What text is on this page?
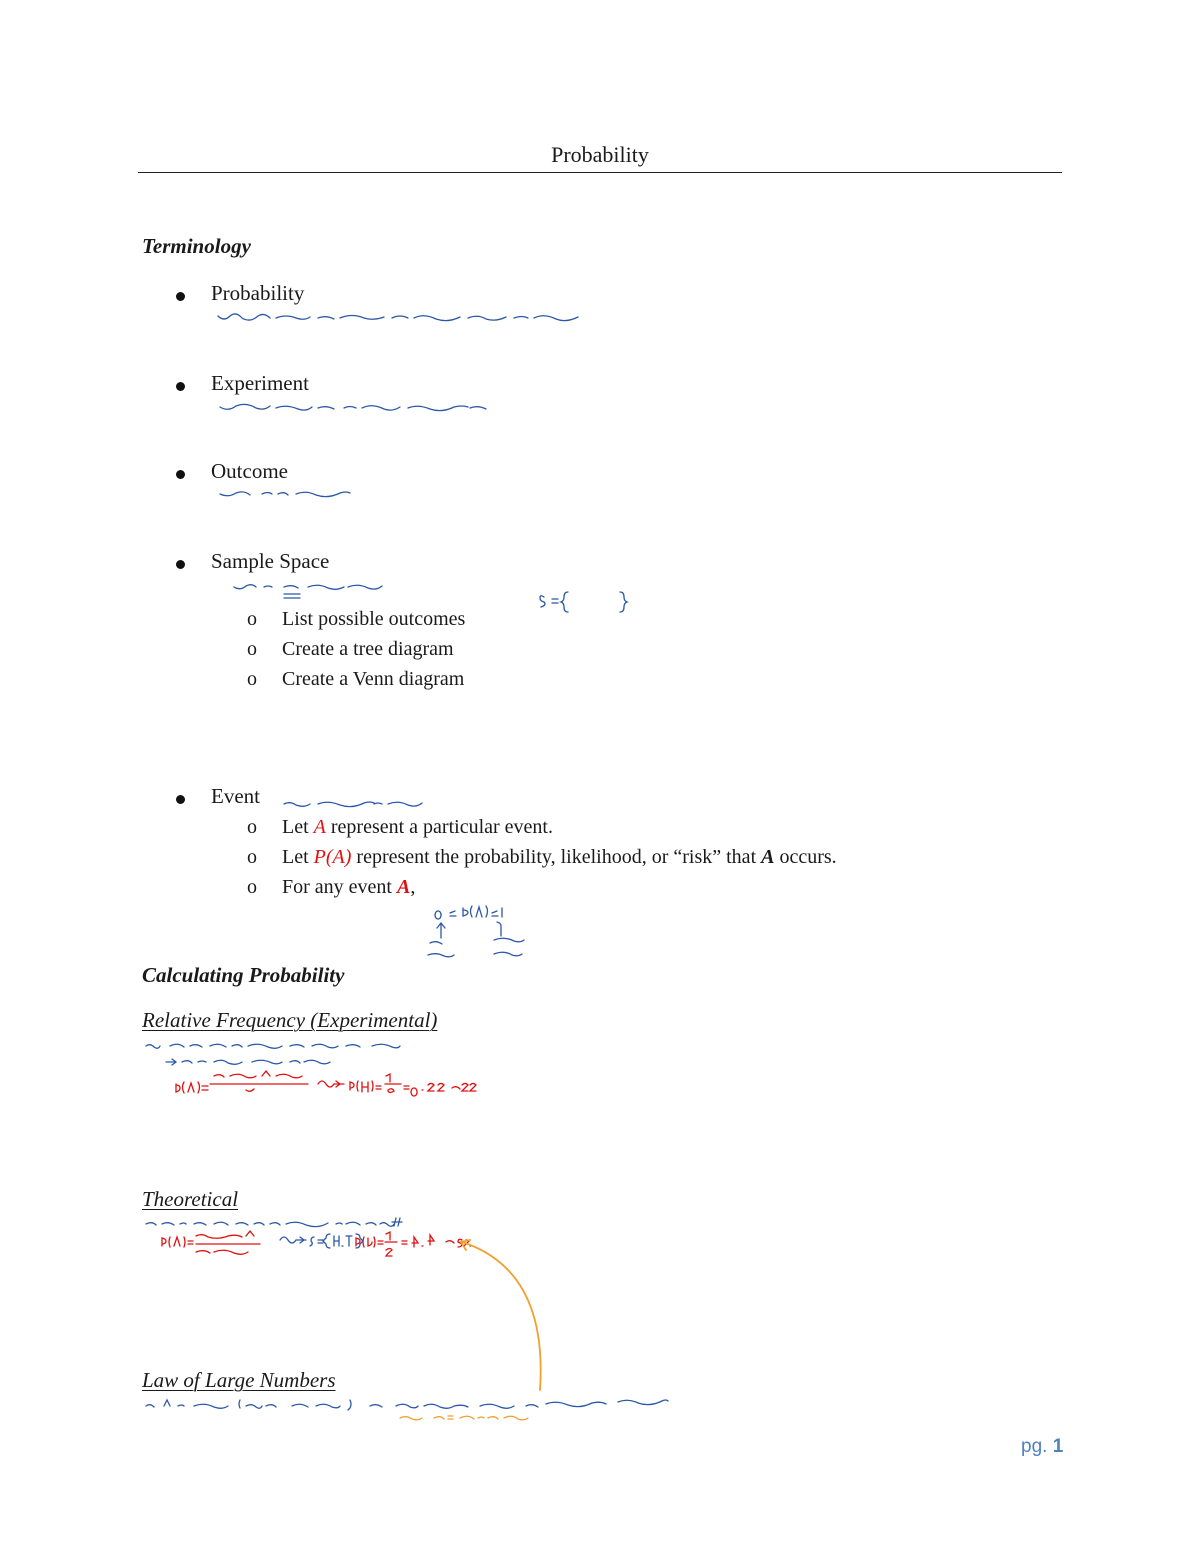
Probability
Terminology
Probability
Experiment
Outcome
Sample Space
o List possible outcomes
o Create a tree diagram
o Create a Venn diagram
Event
o Let A represent a particular event.
o Let P(A) represent the probability, likelihood, or “risk” that A occurs.
o For any event A,
Calculating Probability
Relative Frequency (Experimental)
Theoretical
Law of Large Numbers
pg. 1
